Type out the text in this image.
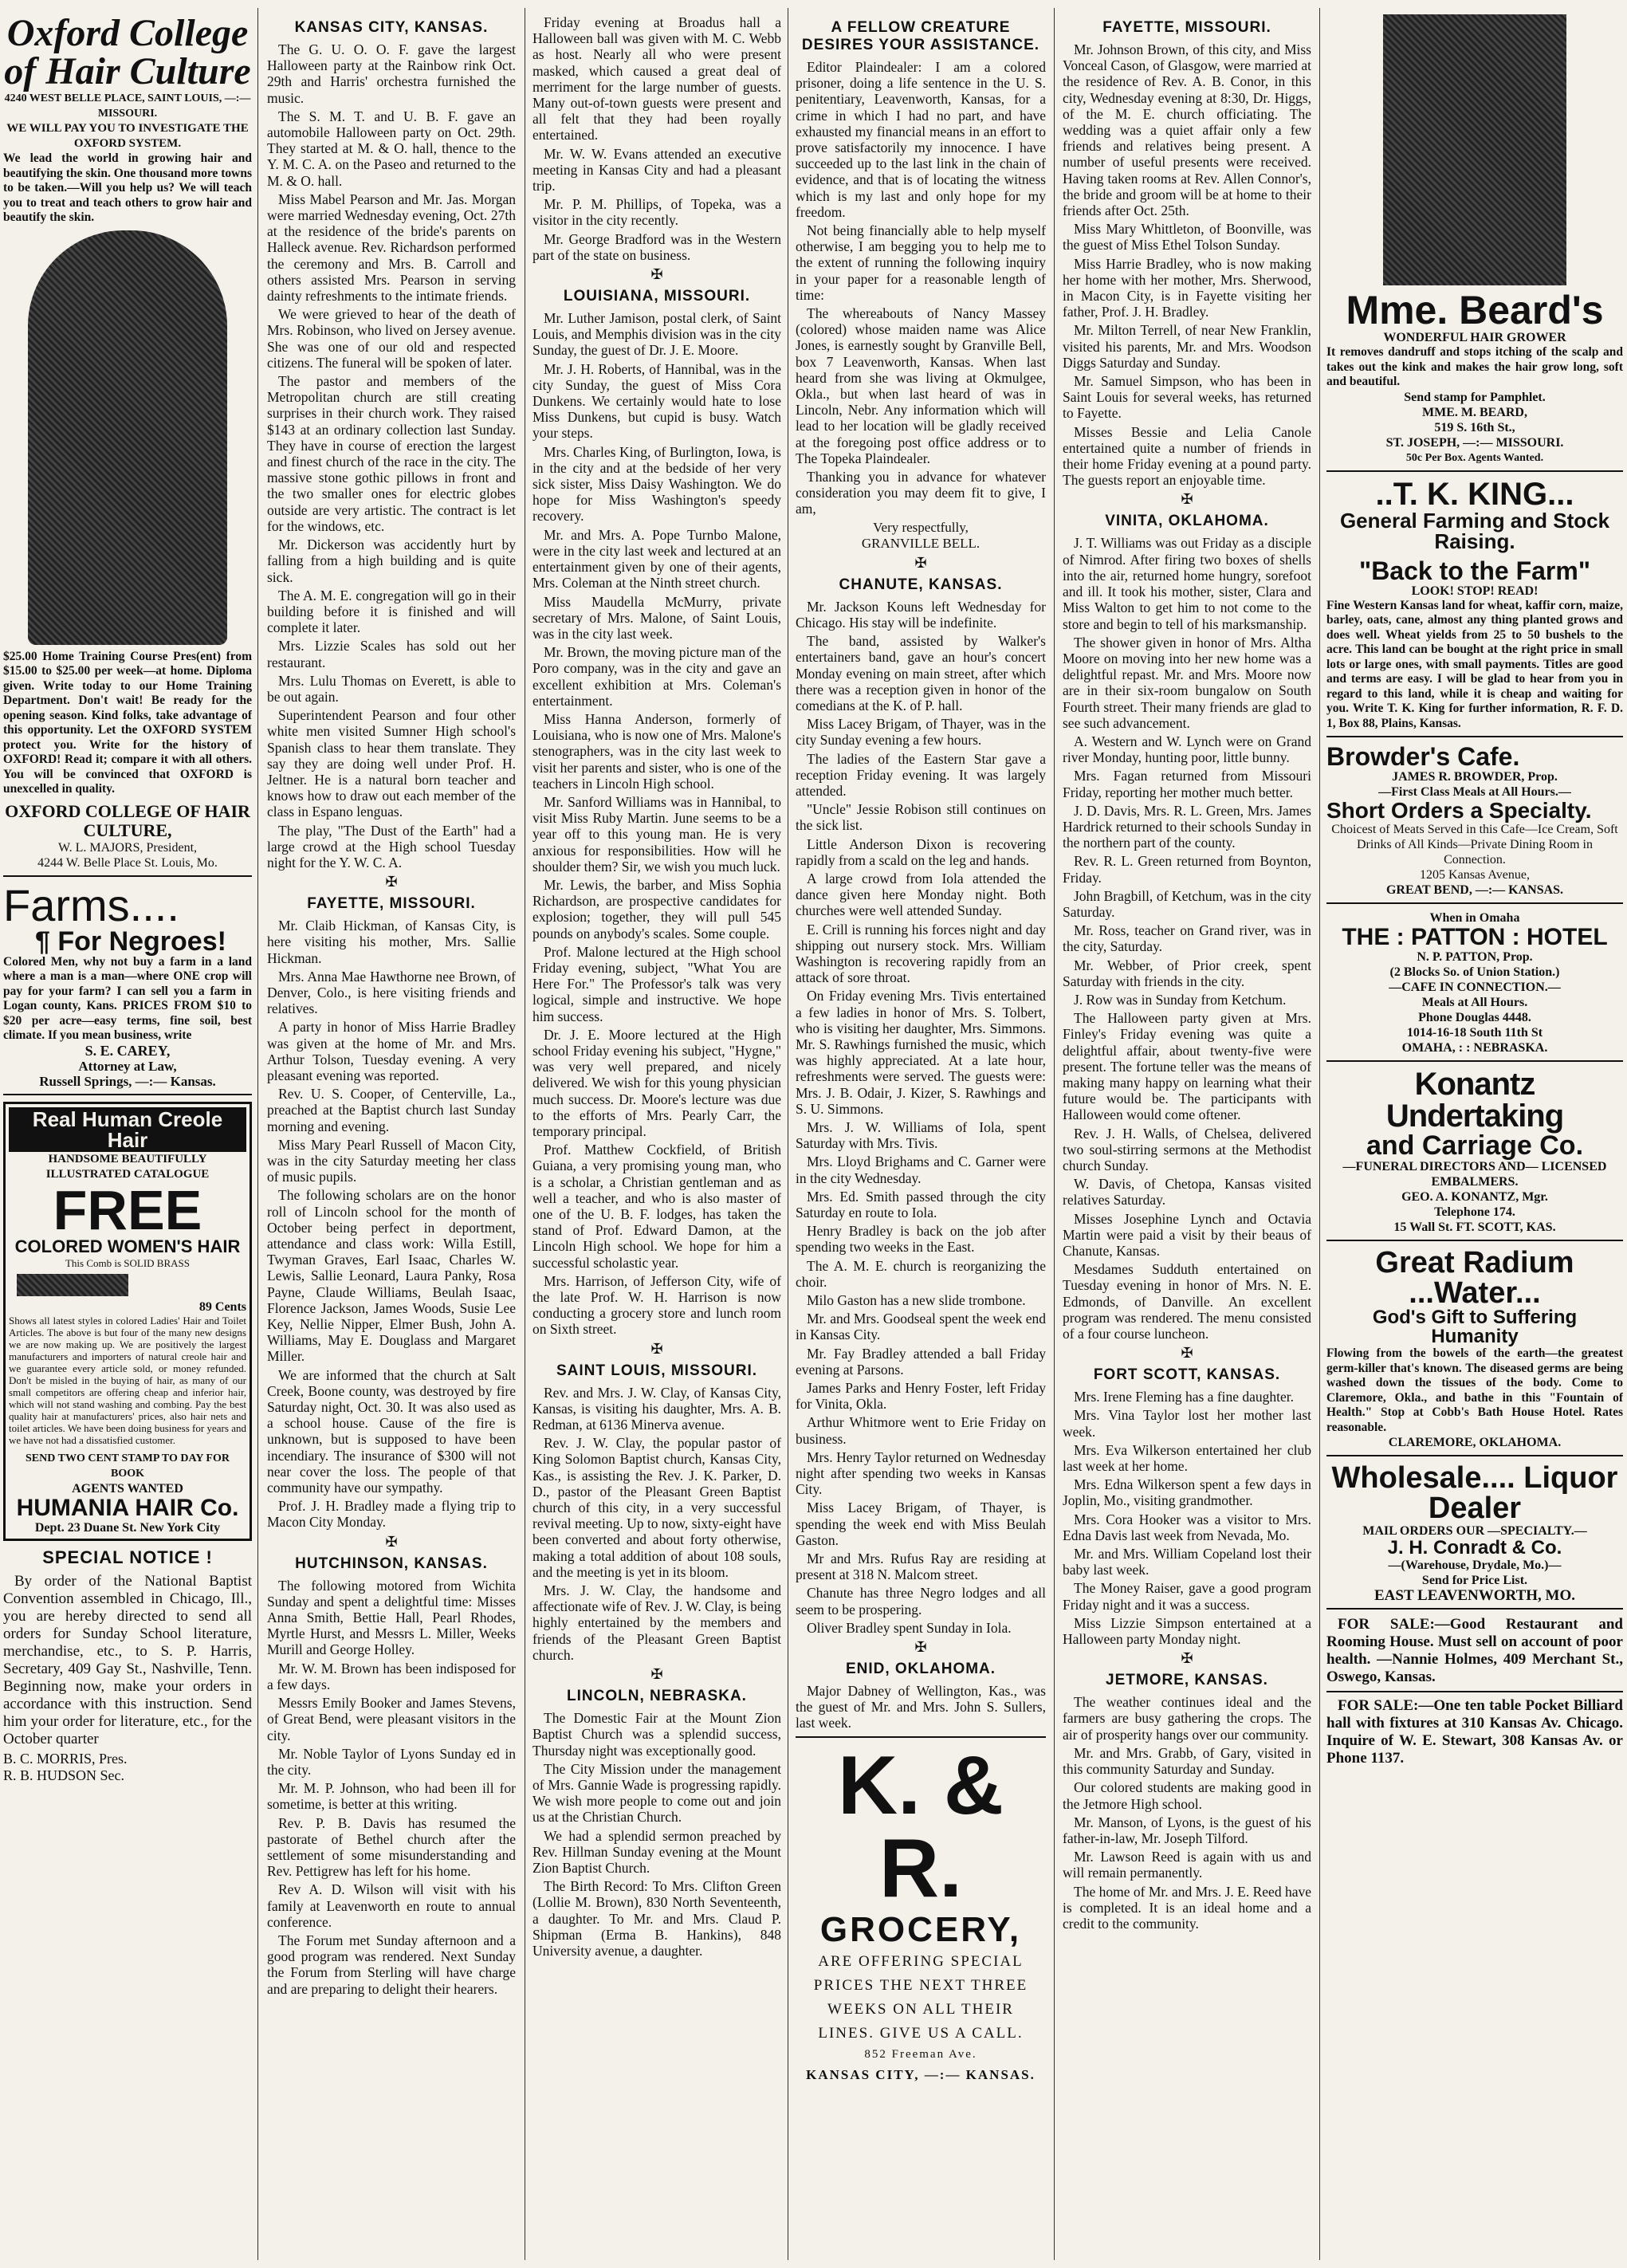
Oxford College
of Hair Culture
4240 WEST BELLE PLACE, SAINT LOUIS, —:— MISSOURI.
WE WILL PAY YOU TO INVESTIGATE THE OXFORD SYSTEM.
We lead the world in growing hair and beautifying the skin. One thousand more towns to be taken.—Will you help us? We will teach you to treat and teach others to grow hair and beautify the skin.
$25.00 Home Training Course Pres(ent) from $15.00 to $25.00 per week—at home. Diploma given. Write today to our Home Training Department. Don't wait! Be ready for the opening season. Kind folks, take advantage of this opportunity. Let the OXFORD SYSTEM protect you. Write for the history of OXFORD! Read it; compare it with all others. You will be convinced that OXFORD is unexcelled in quality.
OXFORD COLLEGE OF HAIR CULTURE,
W. L. MAJORS, President,
4244 W. Belle Place St. Louis, Mo.
Farms....
¶ For Negroes!
Colored Men, why not buy a farm in a land where a man is a man—where ONE crop will pay for your farm? I can sell you a farm in Logan county, Kans. PRICES FROM $10 to $20 per acre—easy terms, fine soil, best climate. If you mean business, write
S. E. CAREY,
Attorney at Law,
Russell Springs, —:— Kansas.
Real Human Creole Hair
HANDSOME BEAUTIFULLY ILLUSTRATED CATALOGUE
FREE
COLORED WOMEN'S HAIR
This Comb is SOLID BRASS
89 Cents
Shows all latest styles in colored Ladies' Hair and Toilet Articles. The above is but four of the many new designs we are now making up. We are positively the largest manufacturers and importers of natural creole hair and we guarantee every article sold, or money refunded. Don't be misled in the buying of hair, as many of our small competitors are offering cheap and inferior hair, which will not stand washing and combing. Pay the best quality hair at manufacturers' prices, also hair nets and toilet articles. We have been doing business for years and we have not had a dissatisfied customer.
SEND TWO CENT STAMP TO DAY FOR BOOK
AGENTS WANTED
HUMANIA HAIR Co.
Dept. 23 Duane St. New York City
SPECIAL NOTICE !

By order of the National Baptist Convention assembled in Chicago, Ill., you are hereby directed to send all orders for Sunday School literature, merchandise, etc., to S. P. Harris, Secretary, 409 Gay St., Nashville, Tenn. Beginning now, make your orders in accordance with this instruction. Send him your order for literature, etc., for the October quarter

B. C. MORRIS, Pres.
R. B. HUDSON Sec.
KANSAS CITY, KANSAS.

The G. U. O. O. F. gave the largest Halloween party at the Rainbow rink Oct. 29th and Harris' orchestra furnished the music.

The S. M. T. and U. B. F. gave an automobile Halloween party on Oct. 29th. They started at M. & O. hall, thence to the Y. M. C. A. on the Paseo and returned to the M. & O. hall.

Miss Mabel Pearson and Mr. Jas. Morgan were married Wednesday evening, Oct. 27th at the residence of the bride's parents on Halleck avenue. Rev. Richardson performed the ceremony and Mrs. B. Carroll and others assisted Mrs. Pearson in serving dainty refreshments to the intimate friends.

We were grieved to hear of the death of Mrs. Robinson, who lived on Jersey avenue. She was one of our old and respected citizens. The funeral will be spoken of later.

The pastor and members of the Metropolitan church are still creating surprises in their church work. They raised $143 at an ordinary collection last Sunday. They have in course of erection the largest and finest church of the race in the city. The massive stone gothic pillows in front and the two smaller ones for electric globes outside are very artistic. The contract is let for the windows, etc.

Mr. Dickerson was accidently hurt by falling from a high building and is quite sick.

The A. M. E. congregation will go in their building before it is finished and will complete it later.

Mrs. Lizzie Scales has sold out her restaurant.

Mrs. Lulu Thomas on Everett, is able to be out again.

Superintendent Pearson and four other white men visited Sumner High school's Spanish class to hear them translate. They say they are doing well under Prof. H. Jeltner. He is a natural born teacher and knows how to draw out each member of the class in Espano lenguas.

The play, "The Dust of the Earth" had a large crowd at the High school Tuesday night for the Y. W. C. A.

✠
FAYETTE, MISSOURI.

Mr. Claib Hickman, of Kansas City, is here visiting his mother, Mrs. Sallie Hickman.

Mrs. Anna Mae Hawthorne nee Brown, of Denver, Colo., is here visiting friends and relatives.

A party in honor of Miss Harrie Bradley was given at the home of Mr. and Mrs. Arthur Tolson, Tuesday evening. A very pleasant evening was reported.

Rev. U. S. Cooper, of Centerville, La., preached at the Baptist church last Sunday morning and evening.

Miss Mary Pearl Russell of Macon City, was in the city Saturday meeting her class of music pupils.

The following scholars are on the honor roll of Lincoln school for the month of October being perfect in deportment, attendance and class work: Willa Estill, Twyman Graves, Earl Isaac, Charles W. Lewis, Sallie Leonard, Laura Panky, Rosa Payne, Claude Williams, Beulah Isaac, Florence Jackson, James Woods, Susie Lee Key, Nellie Nipper, Elmer Bush, John A. Williams, May E. Douglass and Margaret Miller.

We are informed that the church at Salt Creek, Boone county, was destroyed by fire Saturday night, Oct. 30. It was also used as a school house. Cause of the fire is unknown, but is supposed to have been incendiary. The insurance of $300 will not near cover the loss. The people of that community have our sympathy.

Prof. J. H. Bradley made a flying trip to Macon City Monday.

✠
HUTCHINSON, KANSAS.

The following motored from Wichita Sunday and spent a delightful time: Misses Anna Smith, Bettie Hall, Pearl Rhodes, Myrtle Hurst, and Messrs L. Miller, Weeks Murill and George Holley.

Mr. W. M. Brown has been indisposed for a few days.

Messrs Emily Booker and James Stevens, of Great Bend, were pleasant visitors in the city.

Mr. Noble Taylor of Lyons Sunday ed in the city.

Mr. M. P. Johnson, who had been ill for sometime, is better at this writing.

Rev. P. B. Davis has resumed the pastorate of Bethel church after the settlement of some misunderstanding and Rev. Pettigrew has left for his home.

Rev A. D. Wilson will visit with his family at Leavenworth en route to annual conference.

The Forum met Sunday afternoon and a good program was rendered. Next Sunday the Forum from Sterling will have charge and are preparing to delight their hearers.

Friday evening at Broadus hall a Halloween ball was given with M. C. Webb as host. Nearly all who were present masked, which caused a great deal of merriment for the large number of guests. Many out-of-town guests were present and all felt that they had been royally entertained.

Mr. W. W. Evans attended an executive meeting in Kansas City and had a pleasant trip.

Mr. P. M. Phillips, of Topeka, was a visitor in the city recently.

Mr. George Bradford was in the Western part of the state on business.

✠
LOUISIANA, MISSOURI.

Mr. Luther Jamison, postal clerk, of Saint Louis, and Memphis division was in the city Sunday, the guest of Dr. J. E. Moore.

Mr. J. H. Roberts, of Hannibal, was in the city Sunday, the guest of Miss Cora Dunkens. We certainly would hate to lose Miss Dunkens, but cupid is busy. Watch your steps.

Mrs. Charles King, of Burlington, Iowa, is in the city and at the bedside of her very sick sister, Miss Daisy Washington. We do hope for Miss Washington's speedy recovery.

Mr. and Mrs. A. Pope Turnbo Malone, were in the city last week and lectured at an entertainment given by one of their agents, Mrs. Coleman at the Ninth street church.

Miss Maudella McMurry, private secretary of Mrs. Malone, of Saint Louis, was in the city last week.

Mr. Brown, the moving picture man of the Poro company, was in the city and gave an excellent exhibition at Mrs. Coleman's entertainment.

Miss Hanna Anderson, formerly of Louisiana, who is now one of Mrs. Malone's stenographers, was in the city last week to visit her parents and sister, who is one of the teachers in Lincoln High school.

Mr. Sanford Williams was in Hannibal, to visit Miss Ruby Martin. June seems to be a year off to this young man. He is very anxious for responsibilities. How will he shoulder them? Sir, we wish you much luck.

Mr. Lewis, the barber, and Miss Sophia Richardson, are prospective candidates for explosion; together, they will pull 545 pounds on anybody's scales. Some couple.

Prof. Malone lectured at the High school Friday evening, subject, "What You are Here For." The Professor's talk was very logical, simple and instructive. We hope him success.

Dr. J. E. Moore lectured at the High school Friday evening his subject, "Hygne," was very well prepared, and nicely delivered. We wish for this young physician much success. Dr. Moore's lecture was due to the efforts of Mrs. Pearly Carr, the temporary principal.

Prof. Matthew Cockfield, of British Guiana, a very promising young man, who is a scholar, a Christian gentleman and as well a teacher, and who is also master of one of the U. B. F. lodges, has taken the stand of Prof. Edward Damon, at the Lincoln High school. We hope for him a successful scholastic year.

Mrs. Harrison, of Jefferson City, wife of the late Prof. W. H. Harrison is now conducting a grocery store and lunch room on Sixth street.

✠
SAINT LOUIS, MISSOURI.

Rev. and Mrs. J. W. Clay, of Kansas City, Kansas, is visiting his daughter, Mrs. A. B. Redman, at 6136 Minerva avenue.

Rev. J. W. Clay, the popular pastor of King Solomon Baptist church, Kansas City, Kas., is assisting the Rev. J. K. Parker, D. D., pastor of the Pleasant Green Baptist church of this city, in a very successful revival meeting. Up to now, sixty-eight have been converted and about forty otherwise, making a total addition of about 108 souls, and the meeting is yet in its bloom.

Mrs. J. W. Clay, the handsome and affectionate wife of Rev. J. W. Clay, is being highly entertained by the members and friends of the Pleasant Green Baptist church.

✠
LINCOLN, NEBRASKA.

The Domestic Fair at the Mount Zion Baptist Church was a splendid success, Thursday night was exceptionally good.

The City Mission under the management of Mrs. Gannie Wade is progressing rapidly. We wish more people to come out and join us at the Christian Church.

We had a splendid sermon preached by Rev. Hillman Sunday evening at the Mount Zion Baptist Church.

The Birth Record: To Mrs. Clifton Green (Lollie M. Brown), 830 North Seventeenth, a daughter. To Mr. and Mrs. Claud P. Shipman (Erma B. Hankins), 848 University avenue, a daughter.

A FELLOW CREATURE DESIRES YOUR ASSISTANCE.

Editor Plaindealer: I am a colored prisoner, doing a life sentence in the U. S. penitentiary, Leavenworth, Kansas, for a crime in which I had no part, and have exhausted my financial means in an effort to prove satisfactorily my innocence. I have succeeded up to the last link in the chain of evidence, and that is of locating the witness which is my last and only hope for my freedom.

Not being financially able to help myself otherwise, I am begging you to help me to the extent of running the following inquiry in your paper for a reasonable length of time:

The whereabouts of Nancy Massey (colored) whose maiden name was Alice Jones, is earnestly sought by Granville Bell, box 7 Leavenworth, Kansas. When last heard from she was living at Okmulgee, Okla., but when last heard of was in Lincoln, Nebr. Any information which will lead to her location will be gladly received at the foregoing post office address or to The Topeka Plaindealer.

Thanking you in advance for whatever consideration you may deem fit to give, I am,

Very respectfully,
GRANVILLE BELL.
✠
CHANUTE, KANSAS.

Mr. Jackson Kouns left Wednesday for Chicago. His stay will be indefinite.

The band, assisted by Walker's entertainers band, gave an hour's concert Monday evening on main street, after which there was a reception given in honor of the comedians at the K. of P. hall.

Miss Lacey Brigam, of Thayer, was in the city Sunday evening a few hours.

The ladies of the Eastern Star gave a reception Friday evening. It was largely attended.

"Uncle" Jessie Robison still continues on the sick list.

Little Anderson Dixon is recovering rapidly from a scald on the leg and hands.

A large crowd from Iola attended the dance given here Monday night. Both churches were well attended Sunday.

E. Crill is running his forces night and day shipping out nursery stock. Mrs. William Washington is recovering rapidly from an attack of sore throat.

On Friday evening Mrs. Tivis entertained a few ladies in honor of Mrs. S. Tolbert, who is visiting her daughter, Mrs. Simmons. Mr. S. Rawhings furnished the music, which was highly appreciated. At a late hour, refreshments were served. The guests were: Mrs. J. B. Odair, J. Kizer, S. Rawhings and S. U. Simmons.

Mrs. J. W. Williams of Iola, spent Saturday with Mrs. Tivis.

Mrs. Lloyd Brighams and C. Garner were in the city Wednesday.

Mrs. Ed. Smith passed through the city Saturday en route to Iola.

Henry Bradley is back on the job after spending two weeks in the East.

The A. M. E. church is reorganizing the choir.

Milo Gaston has a new slide trombone.

Mr. and Mrs. Goodseal spent the week end in Kansas City.

Mr. Fay Bradley attended a ball Friday evening at Parsons.

James Parks and Henry Foster, left Friday for Vinita, Okla.

Arthur Whitmore went to Erie Friday on business.

Mrs. Henry Taylor returned on Wednesday night after spending two weeks in Kansas City.

Miss Lacey Brigam, of Thayer, is spending the week end with Miss Beulah Gaston.

Mr and Mrs. Rufus Ray are residing at present at 318 N. Malcom street.

Chanute has three Negro lodges and all seem to be prospering.

Oliver Bradley spent Sunday in Iola.

✠
ENID, OKLAHOMA.

Major Dabney of Wellington, Kas., was the guest of Mr. and Mrs. John S. Sullers, last week.

K. & R.
GROCERY,
ARE OFFERING SPECIAL
PRICES THE NEXT THREE
WEEKS ON ALL THEIR
LINES. GIVE US A CALL.
852 Freeman Ave.
KANSAS CITY, —:— KANSAS.
FAYETTE, MISSOURI.

Mr. Johnson Brown, of this city, and Miss Vonceal Cason, of Glasgow, were married at the residence of Rev. A. B. Conor, in this city, Wednesday evening at 8:30, Dr. Higgs, of the M. E. church officiating. The wedding was a quiet affair only a few friends and relatives being present. A number of useful presents were received. Having taken rooms at Rev. Allen Connor's, the bride and groom will be at home to their friends after Oct. 25th.

Miss Mary Whittleton, of Boonville, was the guest of Miss Ethel Tolson Sunday.

Miss Harrie Bradley, who is now making her home with her mother, Mrs. Sherwood, in Macon City, is in Fayette visiting her father, Prof. J. H. Bradley.

Mr. Milton Terrell, of near New Franklin, visited his parents, Mr. and Mrs. Woodson Diggs Saturday and Sunday.

Mr. Samuel Simpson, who has been in Saint Louis for several weeks, has returned to Fayette.

Misses Bessie and Lelia Canole entertained quite a number of friends in their home Friday evening at a pound party. The guests report an enjoyable time.

✠
VINITA, OKLAHOMA.

J. T. Williams was out Friday as a disciple of Nimrod. After firing two boxes of shells into the air, returned home hungry, sorefoot and ill. It took his mother, sister, Clara and Miss Walton to get him to not come to the store and begin to tell of his marksmanship.

The shower given in honor of Mrs. Altha Moore on moving into her new home was a delightful repast. Mr. and Mrs. Moore now are in their six-room bungalow on South Fourth street. Their many friends are glad to see such advancement.

A. Western and W. Lynch were on Grand river Monday, hunting poor, little bunny.

Mrs. Fagan returned from Missouri Friday, reporting her mother much better.

J. D. Davis, Mrs. R. L. Green, Mrs. James Hardrick returned to their schools Sunday in the northern part of the county.

Rev. R. L. Green returned from Boynton, Friday.

John Bragbill, of Ketchum, was in the city Saturday.

Mr. Ross, teacher on Grand river, was in the city, Saturday.

Mr. Webber, of Prior creek, spent Saturday with friends in the city.

J. Row was in Sunday from Ketchum.

The Halloween party given at Mrs. Finley's Friday evening was quite a delightful affair, about twenty-five were present. The fortune teller was the means of making many happy on learning what their future would be. The participants with Halloween would come oftener.

Rev. J. H. Walls, of Chelsea, delivered two soul-stirring sermons at the Methodist church Sunday.

W. Davis, of Chetopa, Kansas visited relatives Saturday.

Misses Josephine Lynch and Octavia Martin were paid a visit by their beaus of Chanute, Kansas.

Mesdames Sudduth entertained on Tuesday evening in honor of Mrs. N. E. Edmonds, of Danville. An excellent program was rendered. The menu consisted of a four course luncheon.

✠
FORT SCOTT, KANSAS.

Mrs. Irene Fleming has a fine daughter.

Mrs. Vina Taylor lost her mother last week.

Mrs. Eva Wilkerson entertained her club last week at her home.

Mrs. Edna Wilkerson spent a few days in Joplin, Mo., visiting grandmother.

Mrs. Cora Hooker was a visitor to Mrs. Edna Davis last week from Nevada, Mo.

Mr. and Mrs. William Copeland lost their baby last week.

The Money Raiser, gave a good program Friday night and it was a success.

Miss Lizzie Simpson entertained at a Halloween party Monday night.

✠
JETMORE, KANSAS.

The weather continues ideal and the farmers are busy gathering the crops. The air of prosperity hangs over our community.

Mr. and Mrs. Grabb, of Gary, visited in this community Saturday and Sunday.

Our colored students are making good in the Jetmore High school.

Mr. Manson, of Lyons, is the guest of his father-in-law, Mr. Joseph Tilford.

Mr. Lawson Reed is again with us and will remain permanently.

The home of Mr. and Mrs. J. E. Reed have is completed. It is an ideal home and a credit to the community.

Mme. Beard's
WONDERFUL HAIR GROWER
It removes dandruff and stops itching of the scalp and takes out the kink and makes the hair grow long, soft and beautiful.
Send stamp for Pamphlet.
MME. M. BEARD,
519 S. 16th St.,
ST. JOSEPH, —:— MISSOURI.
50c Per Box. Agents Wanted.
..T. K. KING...
General Farming and Stock Raising.
"Back to the Farm"
LOOK! STOP! READ!
Fine Western Kansas land for wheat, kaffir corn, maize, barley, oats, cane, almost any thing planted grows and does well. Wheat yields from 25 to 50 bushels to the acre. This land can be bought at the right price in small lots or large ones, with small payments. Titles are good and terms are easy. I will be glad to hear from you in regard to this land, while it is cheap and waiting for you. Write T. K. King for further information, R. F. D. 1, Box 88, Plains, Kansas.
Browder's Cafe.
JAMES R. BROWDER, Prop.
—First Class Meals at All Hours.—
Short Orders a Specialty.
Choicest of Meats Served in this Cafe—Ice Cream, Soft Drinks of All Kinds—Private Dining Room in Connection.
1205 Kansas Avenue,
GREAT BEND, —:— KANSAS.
When in Omaha
THE : PATTON : HOTEL
N. P. PATTON, Prop.
(2 Blocks So. of Union Station.)
—CAFE IN CONNECTION.—
Meals at All Hours.
Phone Douglas 4448.
1014-16-18 South 11th St
OMAHA, : : NEBRASKA.
Konantz Undertaking
and Carriage Co.
—FUNERAL DIRECTORS AND— LICENSED EMBALMERS.
GEO. A. KONANTZ, Mgr.
Telephone 174.
15 Wall St. FT. SCOTT, KAS.
Great Radium ...Water...
God's Gift to Suffering Humanity
Flowing from the bowels of the earth—the greatest germ-killer that's known. The diseased germs are being washed down the tissues of the body. Come to Claremore, Okla., and bathe in this "Fountain of Health." Stop at Cobb's Bath House Hotel. Rates reasonable.
CLAREMORE, OKLAHOMA.
Wholesale.... Liquor Dealer
MAIL ORDERS OUR —SPECIALTY.—
J. H. Conradt & Co.
—(Warehouse, Drydale, Mo.)—
Send for Price List.
EAST LEAVENWORTH, MO.

FOR SALE:—Good Restaurant and Rooming House. Must sell on account of poor health. —Nannie Holmes, 409 Merchant St., Oswego, Kansas.

FOR SALE:—One ten table Pocket Billiard hall with fixtures at 310 Kansas Av. Chicago. Inquire of W. E. Stewart, 308 Kansas Av. or Phone 1137.
